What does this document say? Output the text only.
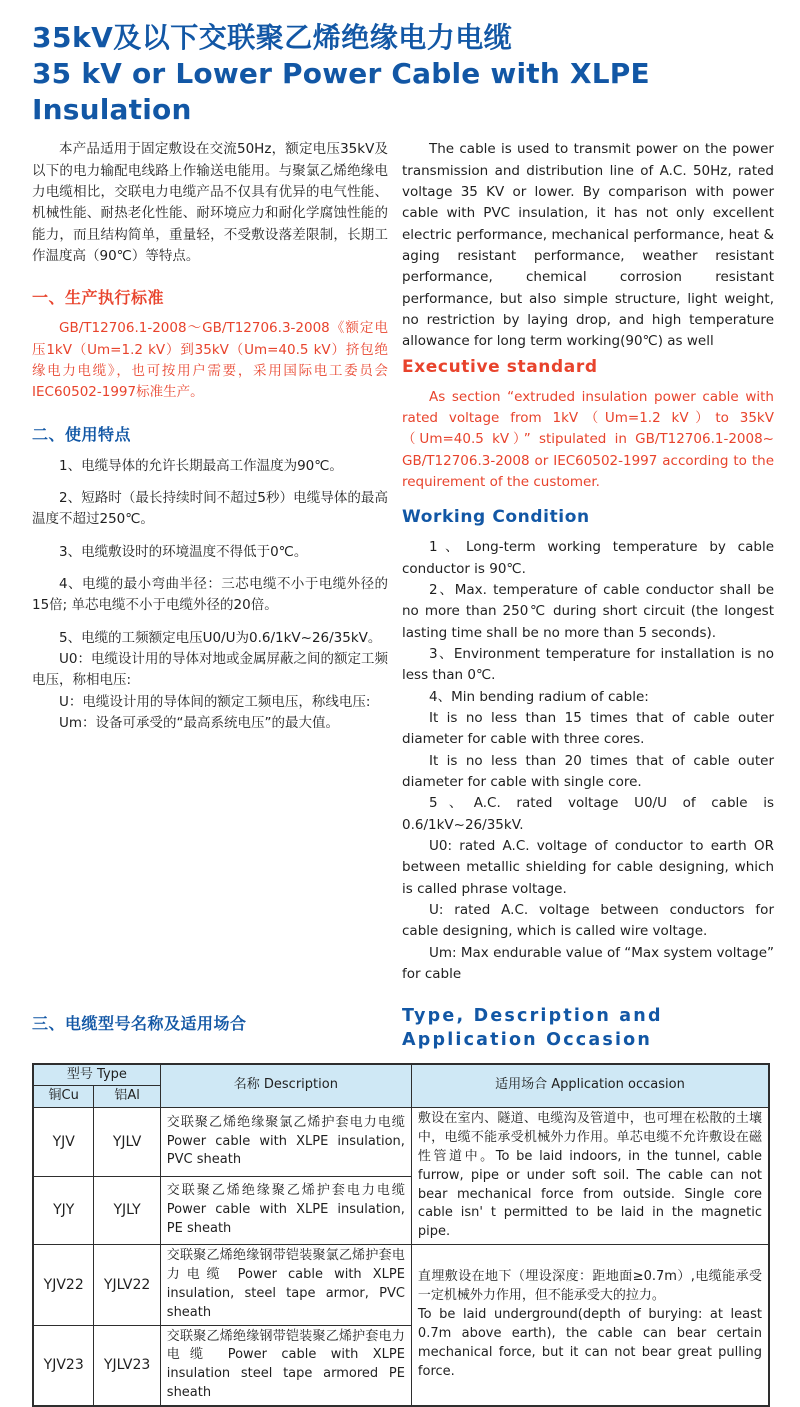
35kV及以下交联聚乙烯绝缘电力电缆
35 kV or Lower Power Cable with XLPE Insulation

本产品适用于固定敷设在交流50Hz，额定电压35kV及以下的电力输配电线路上作输送电能用。与聚氯乙烯绝缘电力电缆相比，交联电力电缆产品不仅具有优异的电气性能、机械性能、耐热老化性能、耐环境应力和耐化学腐蚀性能的能力，而且结构简单，重量轻，不受敷设落差限制，长期工作温度高（90℃）等特点。

一、生产执行标准

GB/T12706.1-2008～GB/T12706.3-2008《额定电压1kV（Um=1.2 kV）到35kV（Um=40.5 kV）挤包绝缘电力电缆》，也可按用户需要，采用国际电工委员会IEC60502-1997标准生产。

二、使用特点

1、电缆导体的允许长期最高工作温度为90℃。

2、短路时（最长持续时间不超过5秒）电缆导体的最高温度不超过250℃。

3、电缆敷设时的环境温度不得低于0℃。

4、电缆的最小弯曲半径：三芯电缆不小于电缆外径的15倍; 单芯电缆不小于电缆外径的20倍。

5、电缆的工频额定电压U0/U为0.6/1kV~26/35kV。

U0：电缆设计用的导体对地或金属屏蔽之间的额定工频电压，称相电压:

U：电缆设计用的导体间的额定工频电压，称线电压:

Um：设备可承受的“最高系统电压”的最大值。

The cable is used to transmit power on the power transmission and distribution line of A.C. 50Hz, rated voltage 35 KV or lower. By comparison with power cable with PVC insulation, it has not only excellent electric performance, mechanical performance, heat & aging resistant performance, weather resistant performance, chemical corrosion resistant performance, but also simple structure, light weight, no restriction by laying drop, and high temperature allowance for long term working(90℃) as well

Executive standard

As section “extruded insulation power cable with rated voltage from 1kV（Um=1.2 kV）to 35kV（Um=40.5 kV）” stipulated in GB/T12706.1-2008~ GB/T12706.3-2008 or IEC60502-1997 according to the requirement of the customer.

Working Condition

1、Long-term working temperature by cable conductor is 90℃.

2、Max. temperature of cable conductor shall be no more than 250℃ during short circuit (the longest lasting time shall be no more than 5 seconds).

3、Environment temperature for installation is no less than 0℃.

4、Min bending radium of cable:

It is no less than 15 times that of cable outer diameter for cable with three cores.

It is no less than 20 times that of cable outer diameter for cable with single core.

5、A.C. rated voltage U0/U of cable is 0.6/1kV~26/35kV.

U0: rated A.C. voltage of conductor to earth OR between metallic shielding for cable designing, which is called phrase voltage.

U: rated A.C. voltage between conductors for cable designing, which is called wire voltage.

Um: Max endurable value of “Max system voltage” for cable

三、电缆型号名称及适用场合	Type, Description and Application Occasion
型号 Type		名称 Description	适用场合 Application occasion
铜Cu	铝Al		
YJV	YJLV	交联聚乙烯绝缘聚氯乙烯护套电力电缆 Power cable with XLPE insulation, PVC sheath	敷设在室内、隧道、电缆沟及管道中，也可埋在松散的土壤中，电缆不能承受机械外力作用。单芯电缆不允许敷设在磁性管道中。To be laid indoors, in the tunnel, cable furrow, pipe or under soft soil. The cable can not bear mechanical force from outside. Single core cable isn' t permitted to be laid in the magnetic pipe.
YJY	YJLY	交联聚乙烯绝缘聚乙烯护套电力电缆Power cable with XLPE insulation, PE sheath	
YJV22	YJLV22	交联聚乙烯绝缘钢带铠装聚氯乙烯护套电力电缆 Power cable with XLPE insulation, steel tape armor, PVC sheath	直埋敷设在地下（埋设深度：距地面≥0.7m）,电缆能承受一定机械外力作用，但不能承受大的拉力。
To be laid underground(depth of burying: at least 0.7m above earth), the cable can bear certain mechanical force, but it can not bear great pulling force.

YJV23	YJLV23	交联聚乙烯绝缘钢带铠装聚乙烯护套电力电缆 Power cable with XLPE insulation steel tape armored PE sheath	
